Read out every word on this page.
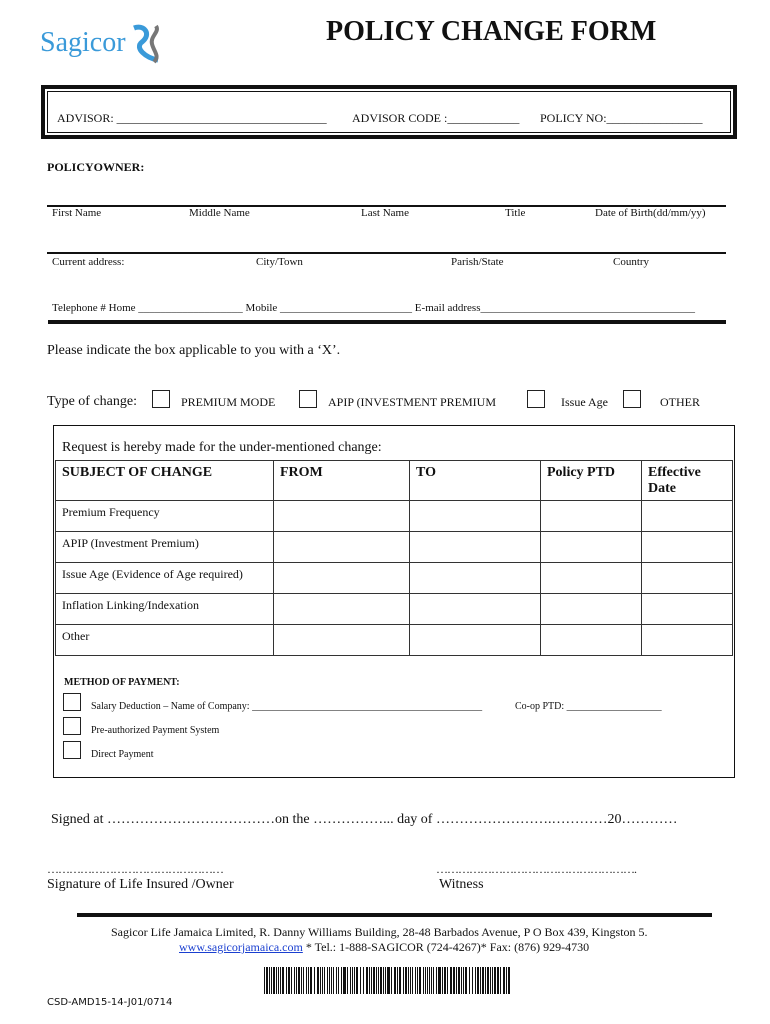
Sagicor	POLICY CHANGE FORM
ADVISOR: ___________________________________ ADVISOR CODE :____________ POLICY NO:________________
POLICYOWNER:
First Name	Middle Name	Last Name	Title	Date of Birth(dd/mm/yy)
Current address:	City/Town	Parish/State	Country
Telephone # Home ___________________ Mobile ________________________ E-mail address_______________________________________
Please indicate the box applicable to you with a ‘X’.
Type of change:	PREMIUM MODE	APIP (INVESTMENT PREMIUM	Issue Age	OTHER
Request is hereby made for the under-mentioned change:
SUBJECT OF CHANGE	FROM	TO	Policy PTD	Effective Date
Premium Frequency
APIP (Investment Premium)
Issue Age (Evidence of Age required)
Inflation Linking/Indexation
Other
METHOD OF PAYMENT:
Salary Deduction – Name of Company: ______________________________________________	Co-op PTD: ___________________
Pre-authorized Payment System
Direct Payment
Signed at ………………………………on the ……………... day of …………………….…………20…………
…………………………………………
Signature of Life Insured /Owner
……………………………………………….
Witness
Sagicor Life Jamaica Limited, R. Danny Williams Building, 28-48 Barbados Avenue, P O Box 439, Kingston 5.
www.sagicorjamaica.com * Tel.: 1-888-SAGICOR (724-4267)* Fax: (876) 929-4730
CSD-AMD15-14-J01/0714
